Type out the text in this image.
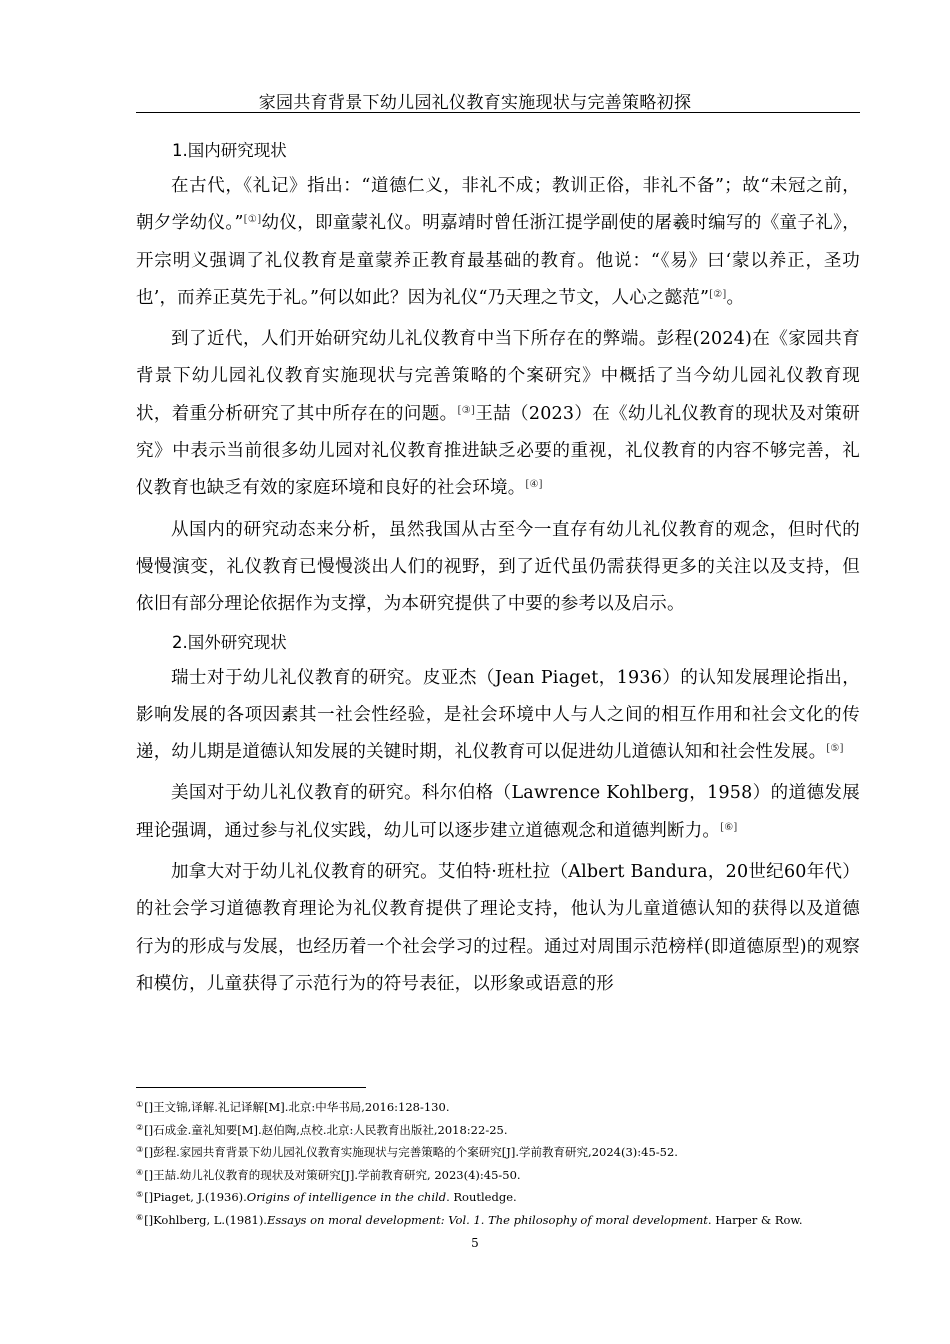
家园共育背景下幼儿园礼仪教育实施现状与完善策略初探
1.国内研究现状

在古代，《礼记》指出：“道德仁义，非礼不成；教训正俗，非礼不备”；故“未冠之前，朝夕学幼仪。”[①]幼仪，即童蒙礼仪。明嘉靖时曾任浙江提学副使的屠羲时编写的《童子礼》，开宗明义强调了礼仪教育是童蒙养正教育最基础的教育。他说：“《易》曰‘蒙以养正，圣功也’，而养正莫先于礼。”何以如此？因为礼仪“乃天理之节文，人心之懿范”[②]。

到了近代，人们开始研究幼儿礼仪教育中当下所存在的弊端。彭程(2024)在《家园共育背景下幼儿园礼仪教育实施现状与完善策略的个案研究》中概括了当今幼儿园礼仪教育现状，着重分析研究了其中所存在的问题。[③]王喆（2023）在《幼儿礼仪教育的现状及对策研究》中表示当前很多幼儿园对礼仪教育推进缺乏必要的重视，礼仪教育的内容不够完善，礼仪教育也缺乏有效的家庭环境和良好的社会环境。[④]

从国内的研究动态来分析，虽然我国从古至今一直存有幼儿礼仪教育的观念，但时代的慢慢演变，礼仪教育已慢慢淡出人们的视野，到了近代虽仍需获得更多的关注以及支持，但依旧有部分理论依据作为支撑，为本研究提供了中要的参考以及启示。

2.国外研究现状

瑞士对于幼儿礼仪教育的研究。皮亚杰（Jean Piaget，1936）的认知发展理论指出，影响发展的各项因素其一社会性经验，是社会环境中人与人之间的相互作用和社会文化的传递，幼儿期是道德认知发展的关键时期，礼仪教育可以促进幼儿道德认知和社会性发展。[⑤]

美国对于幼儿礼仪教育的研究。科尔伯格（Lawrence Kohlberg，1958）的道德发展理论强调，通过参与礼仪实践，幼儿可以逐步建立道德观念和道德判断力。[⑥]

加拿大对于幼儿礼仪教育的研究。艾伯特·班杜拉（Albert Bandura，20世纪60年代）的社会学习道德教育理论为礼仪教育提供了理论支持，他认为儿童道德认知的获得以及道德行为的形成与发展，也经历着一个社会学习的过程。通过对周围示范榜样(即道德原型)的观察和模仿，儿童获得了示范行为的符号表征，以形象或语意的形

①[]王文锦,译解.礼记译解[M].北京:中华书局,2016:128-130.
②[]石成金.童礼知要[M].赵伯陶,点校.北京:人民教育出版社,2018:22-25.
③[]彭程.家园共育背景下幼儿园礼仪教育实施现状与完善策略的个案研究[J].学前教育研究,2024(3):45-52.
④[]王喆.幼儿礼仪教育的现状及对策研究[J].学前教育研究, 2023(4):45-50.
⑤[]Piaget, J.(1936).Origins of intelligence in the child. Routledge.
⑥[]Kohlberg, L.(1981).Essays on moral development: Vol. 1. The philosophy of moral development. Harper & Row.
5
